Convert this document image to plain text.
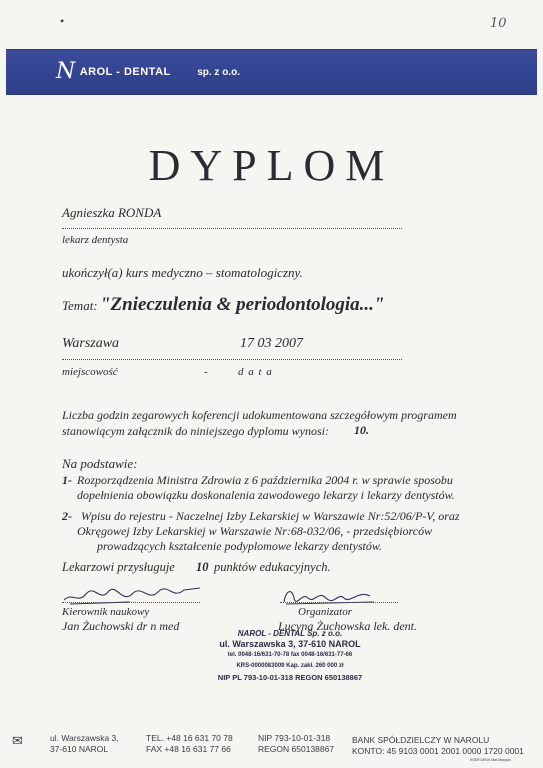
•	10
N AROL - DENTAL	sp. z o.o.
DYPLOM
Agnieszka RONDA
lekarz dentysta
ukończył(a) kurs medyczno – stomatologiczny.
Temat: "Znieczulenia & periodontologia..."
Warszawa	17 03 2007
miejscowość	-	d a t a
Liczba godzin zegarowych koferencji udokumentowana szczegółowym programem
stanowiącym załącznik do niniejszego dyplomu wynosi: 10.
Na podstawie:
1- Rozporządzenia Ministra Zdrowia z 6 października 2004 r. w sprawie sposobu
dopełnienia obowiązku doskonalenia zawodowego lekarzy i lekarzy dentystów.
2- Wpisu do rejestru - Naczelnej Izby Lekarskiej w Warszawie Nr:52/06/P-V, oraz
Okręgowej Izby Lekarskiej w Warszawie Nr:68-032/06, - przedsiębiorców
prowadzących kształcenie podyplomowe lekarzy dentystów.
Lekarzowi przysługuje 10 punktów edukacyjnych.
Kierownik naukowy
Jan Żuchowski dr n med
Organizator
Lucyna Żuchowska lek. dent.
NAROL - DENTAL Sp. z o.o.
ul. Warszawska 3, 37-610 NAROL
tel. 0048-16/631-70-78 fax 0048-16/631-77-66
KRS-0000083009 Kap. zakł. 260 000 zł
NIP PL 793-10-01-318 REGON 650138867
✉	ul. Warszawska 3,
37-610 NAROL
TEL. +48 16 631 70 78
FAX +48 16 631 77 66
NIP 793-10-01-318
REGON 650138867
BANK SPÓŁDZIELCZY W NAROLU
KONTO: 45 9103 0001 2001 0000 1720 0001
KSER DRUK Mat.Manyan
